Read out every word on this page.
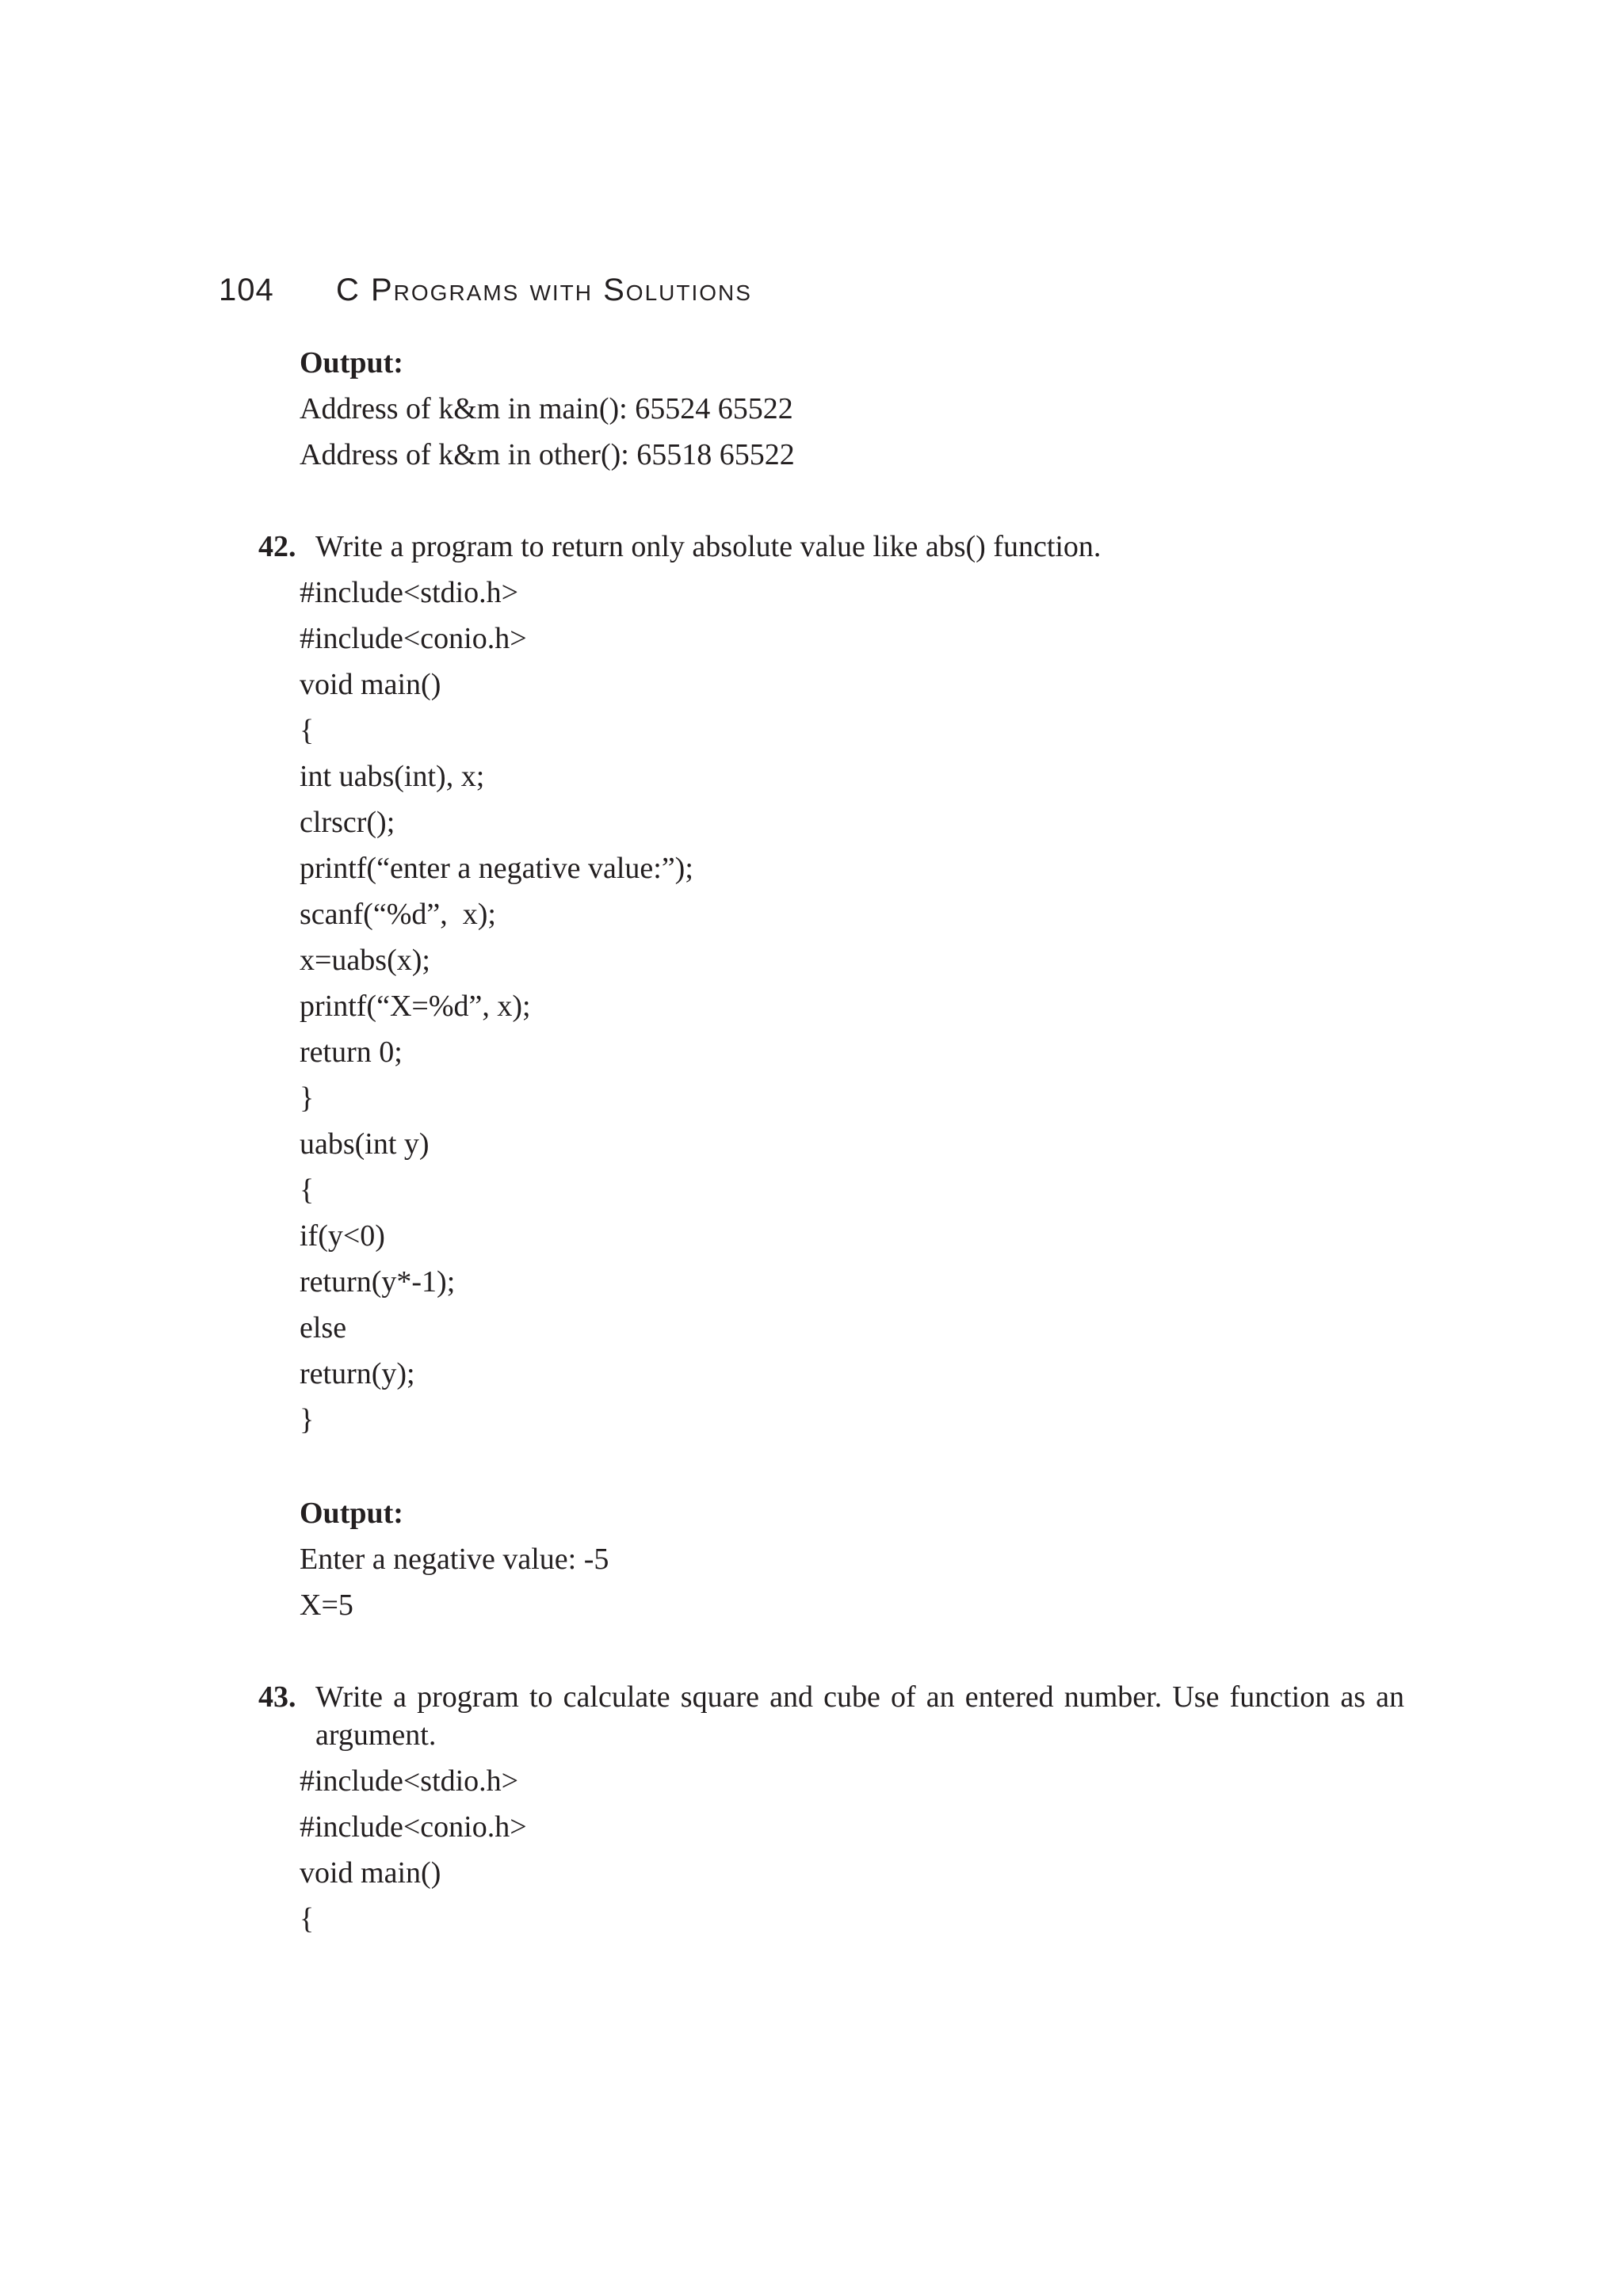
104	C Programs with Solutions
Output:
Address of k&m in main(): 65524 65522
Address of k&m in other(): 65518 65522
42. Write a program to return only absolute value like abs() function.
#include<stdio.h>
#include<conio.h>
void main()
{
int uabs(int), x;
clrscr();
printf(“enter a negative value:”);
scanf(“%d”,  x);
x=uabs(x);
printf(“X=%d”, x);
return 0;
}
uabs(int y)
{
if(y<0)
return(y*-1);
else
return(y);
}
Output:
Enter a negative value: -5
X=5
43. Write a program to calculate square and cube of an entered number. Use function as an argument.
#include<stdio.h>
#include<conio.h>
void main()
{
